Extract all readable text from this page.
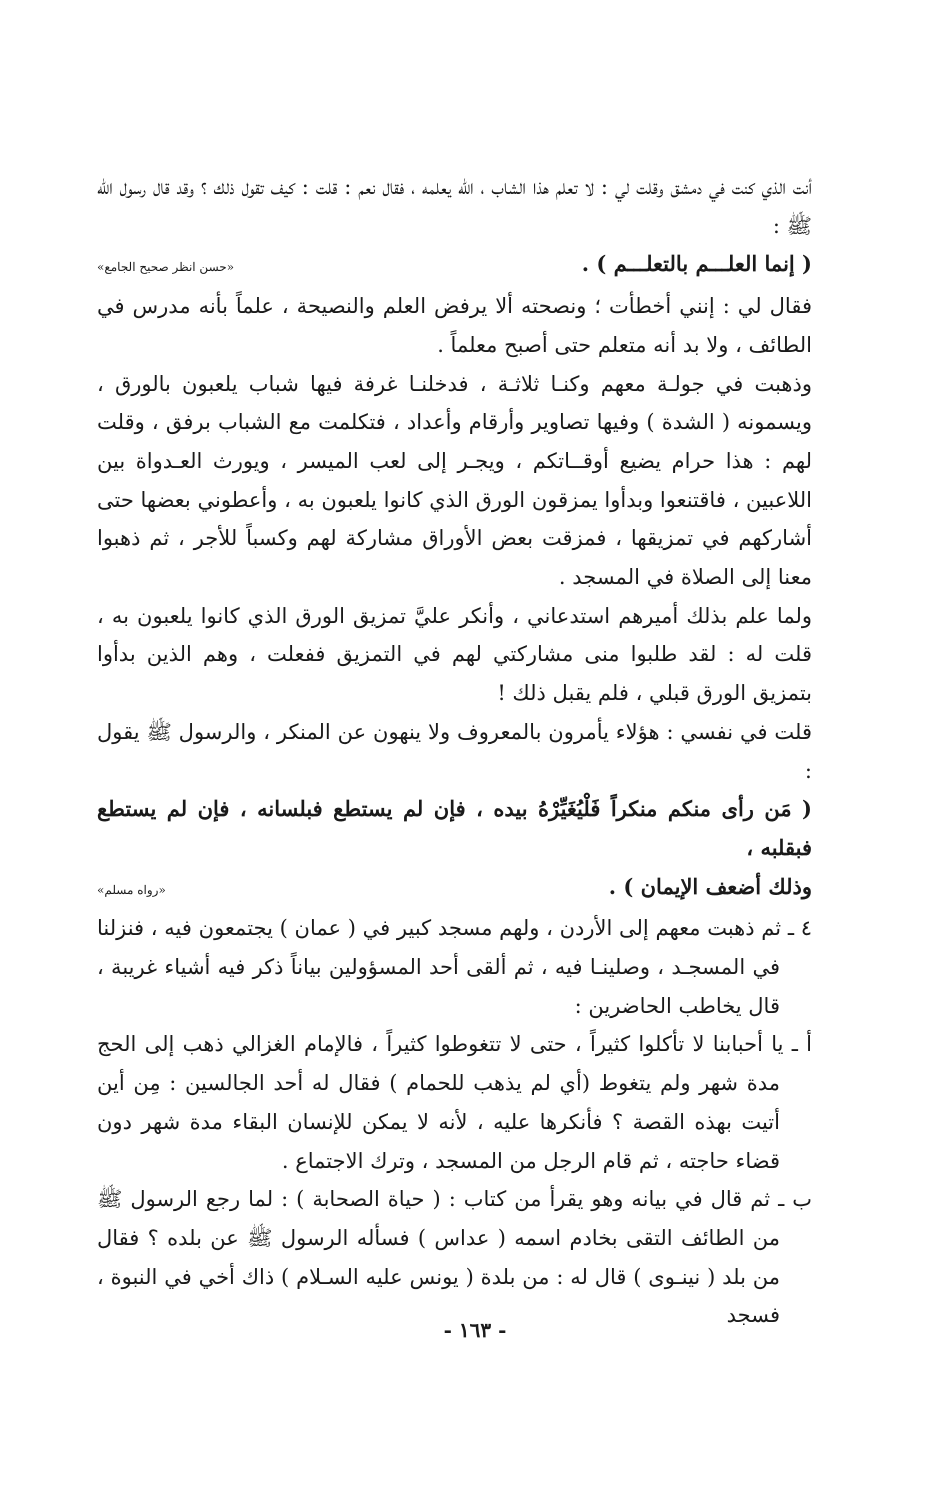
أنت الذي كنت في دمشق وقلت لي : لا تعلم هذا الشاب ، الله يعلمه ، فقال نعم : قلت : كيف تقول ذلك ؟ وقد قال رسول الله ﷺ :

( إنما العلـــم بالتعلـــم ) .
«حسن انظر صحيح الجامع»

فقال لي : إنني أخطأت ؛ ونصحته ألا يرفض العلم والنصيحة ، علماً بأنه مدرس في الطائف ، ولا بد أنه متعلم حتى أصبح معلماً .

وذهبت في جولـة معهم وكنـا ثلاثـة ، فدخلنـا غرفة فيها شباب يلعبون بالورق ، ويسمونه ( الشدة ) وفيها تصاوير وأرقام وأعداد ، فتكلمت مع الشباب برفق ، وقلت لهم : هذا حرام يضيع أوقــاتكم ، ويجـر إلى لعب الميسر ، ويورث العـدواة بين اللاعبين ، فاقتنعوا وبدأوا يمزقون الورق الذي كانوا يلعبون به ، وأعطوني بعضها حتى أشاركهم في تمزيقها ، فمزقت بعض الأوراق مشاركة لهم وكسباً للأجر ، ثم ذهبوا معنا إلى الصلاة في المسجد .

ولما علم بذلك أميرهم استدعاني ، وأنكر عليَّ تمزيق الورق الذي كانوا يلعبون به ، قلت له : لقد طلبوا منى مشاركتي لهم في التمزيق ففعلت ، وهم الذين بدأوا بتمزيق الورق قبلي ، فلم يقبل ذلك !

قلت في نفسي : هؤلاء يأمرون بالمعروف ولا ينهون عن المنكر ، والرسول ﷺ يقول :

( مَن رأى منكم منكراً فَلْيُغَيِّرْهُ بيده ، فإن لم يستطع فبلسانه ، فإن لم يستطع فبقلبه ،

وذلك أضعف الإيمان ) .
«رواه مسلم»

٤ ـ ثم ذهبت معهم إلى الأردن ، ولهم مسجد كبير في ( عمان ) يجتمعون فيه ، فنزلنا في المسجـد ، وصلينـا فيه ، ثم ألقى أحد المسؤولين بياناً ذكر فيه أشياء غريبة ، قال يخاطب الحاضرين :

أ ـ يا أحبابنا لا تأكلوا كثيراً ، حتى لا تتغوطوا كثيراً ، فالإمام الغزالي ذهب إلى الحج مدة شهر ولم يتغوط (أي لم يذهب للحمام ) فقال له أحد الجالسين : مِن أين أتيت بهذه القصة ؟ فأنكرها عليه ، لأنه لا يمكن للإنسان البقاء مدة شهر دون قضاء حاجته ، ثم قام الرجل من المسجد ، وترك الاجتماع .

ب ـ ثم قال في بيانه وهو يقرأ من كتاب : ( حياة الصحابة ) : لما رجع الرسول ﷺ من الطائف التقى بخادم اسمه ( عداس ) فسأله الرسول ﷺ عن بلده ؟ فقال من بلد ( نينـوى ) قال له : من بلدة ( يونس عليه السـلام ) ذاك أخي في النبوة ، فسجد

- ١٦٣ -
